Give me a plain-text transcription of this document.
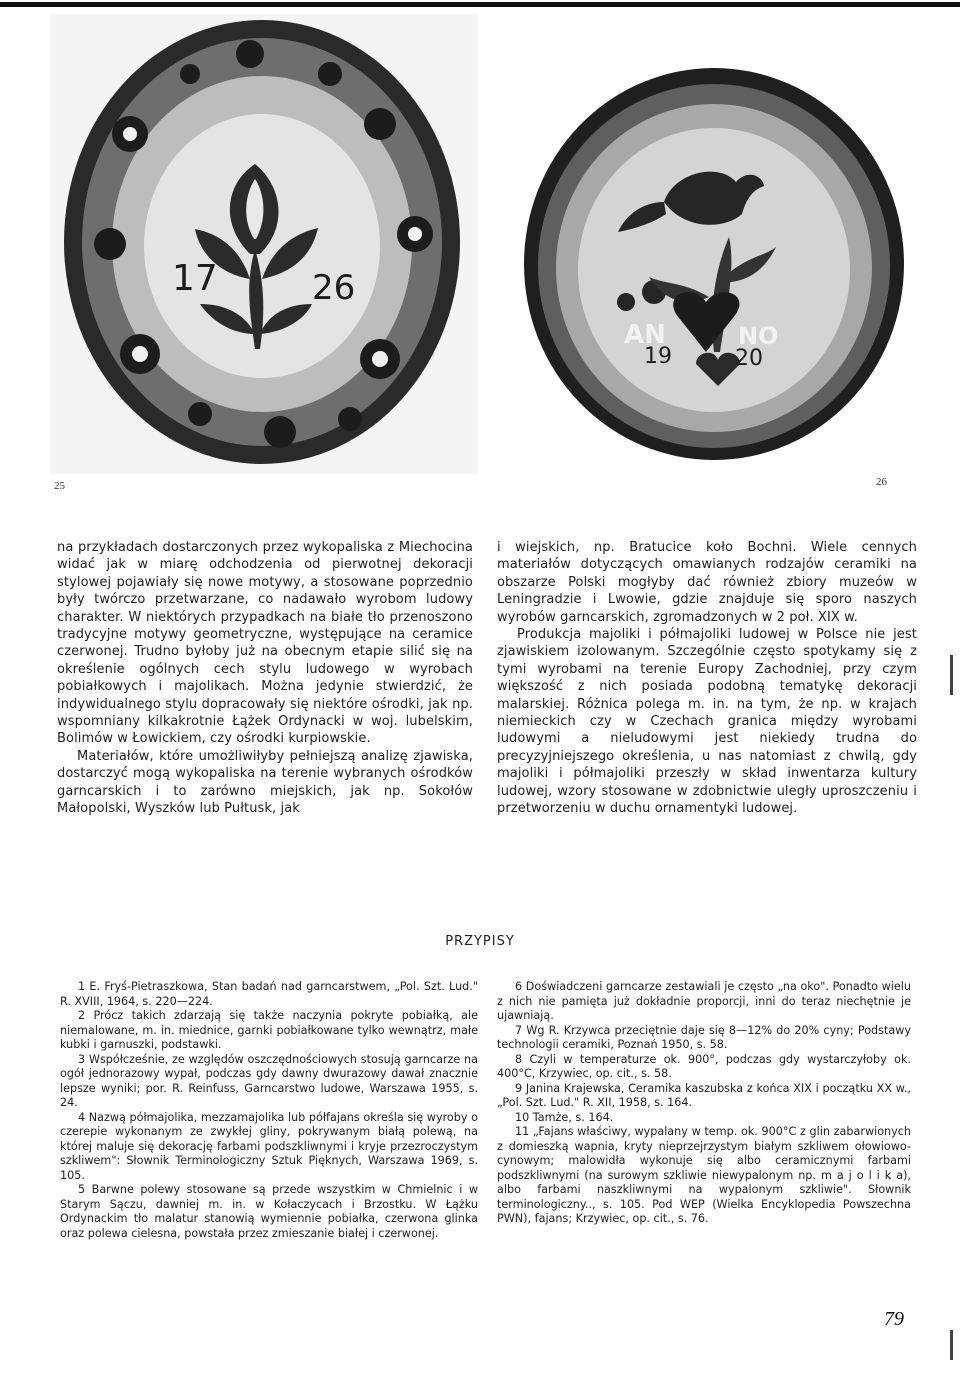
17	26
AN	NO
19	20
25	26

na przykładach dostarczonych przez wykopaliska z Miechocina widać jak w miarę odchodzenia od pierwotnej dekoracji stylowej pojawiały się nowe motywy, a stosowane poprzednio były twórczo przetwarzane, co nadawało wyrobom ludowy charakter. W niektórych przypadkach na białe tło przenoszono tradycyjne motywy geometryczne, występujące na ceramice czerwonej. Trudno byłoby już na obecnym etapie silić się na określenie ogólnych cech stylu ludowego w wyrobach pobiałkowych i majolikach. Można jedynie stwierdzić, że indywidualnego stylu dopracowały się niektóre ośrodki, jak np. wspomniany kilkakrotnie Łążek Ordynacki w woj. lubelskim, Bolimów w Łowickiem, czy ośrodki kurpiowskie.

Materiałów, które umożliwiłyby pełniejszą analizę zjawiska, dostarczyć mogą wykopaliska na terenie wybranych ośrodków garncarskich i to zarówno miejskich, jak np. Sokołów Małopolski, Wyszków lub Pułtusk, jak

i wiejskich, np. Bratucice koło Bochni. Wiele cennych materiałów dotyczących omawianych rodzajów ceramiki na obszarze Polski mogłyby dać również zbiory muzeów w Leningradzie i Lwowie, gdzie znajduje się sporo naszych wyrobów garncarskich, zgromadzonych w 2 poł. XIX w.

Produkcja majoliki i półmajoliki ludowej w Polsce nie jest zjawiskiem izolowanym. Szczególnie często spotykamy się z tymi wyrobami na terenie Europy Zachodniej, przy czym większość z nich posiada podobną tematykę dekoracji malarskiej. Różnica polega m. in. na tym, że np. w krajach niemieckich czy w Czechach granica między wyrobami ludowymi a nieludowymi jest niekiedy trudna do precyzyjniejszego określenia, u nas natomiast z chwilą, gdy majoliki i półmajoliki przeszły w skład inwentarza kultury ludowej, wzory stosowane w zdobnictwie uległy uproszczeniu i przetworzeniu w duchu ornamentyki ludowej.

PRZYPISY

1 E. Fryś-Pietraszkowa, Stan badań nad garncarstwem, „Pol. Szt. Lud." R. XVIII, 1964, s. 220—224.

2 Prócz takich zdarzają się także naczynia pokryte pobiałką, ale niemalowane, m. in. miednice, garnki pobiałkowane tylko wewnątrz, małe kubki i garnuszki, podstawki.

3 Współcześnie, ze względów oszczędnościowych stosują garncarze na ogół jednorazowy wypał, podczas gdy dawny dwurazowy dawał znacznie lepsze wyniki; por. R. Reinfuss, Garncarstwo ludowe, Warszawa 1955, s. 24.

4 Nazwą półmajolika, mezzamajolika lub półfajans określa się wyroby o czerepie wykonanym ze zwykłej gliny, pokrywanym białą polewą, na której maluje się dekorację farbami podszkliwnymi i kryje przezroczystym szkliwem": Słownik Terminologiczny Sztuk Pięknych, Warszawa 1969, s. 105.

5 Barwne polewy stosowane są przede wszystkim w Chmielnic i w Starym Sączu, dawniej m. in. w Kołaczycach i Brzostku. W Łążku Ordynackim tło malatur stanowią wymiennie pobiałka, czerwona glinka oraz polewa cielesna, powstała przez zmieszanie białej i czerwonej.

6 Doświadczeni garncarze zestawiali je często „na oko". Ponadto wielu z nich nie pamięta już dokładnie proporcji, inni do teraz niechętnie je ujawniają.

7 Wg R. Krzywca przeciętnie daje się 8—12% do 20% cyny; Podstawy technologii ceramiki, Poznań 1950, s. 58.

8 Czyli w temperaturze ok. 900°, podczas gdy wystarczyłoby ok. 400°C, Krzywiec, op. cit., s. 58.

9 Janina Krajewska, Ceramika kaszubska z końca XIX i początku XX w., „Pol. Szt. Lud." R. XII, 1958, s. 164.

10 Tamże, s. 164.

11 „Fajans właściwy, wypalany w temp. ok. 900°C z glin zabarwionych z domieszką wapnia, kryty nieprzejrzystym białym szkliwem ołowiowo-cynowym; malowidła wykonuje się albo ceramicznymi farbami podszkliwnymi (na surowym szkliwie niewypalonym np. m a j o l i k a), albo farbami naszkliwnymi na wypalonym szkliwie". Słownik terminologiczny.., s. 105. Pod WEP (Wielka Encyklopedia Powszechna PWN), fajans; Krzywiec, op. cit., s. 76.

79
